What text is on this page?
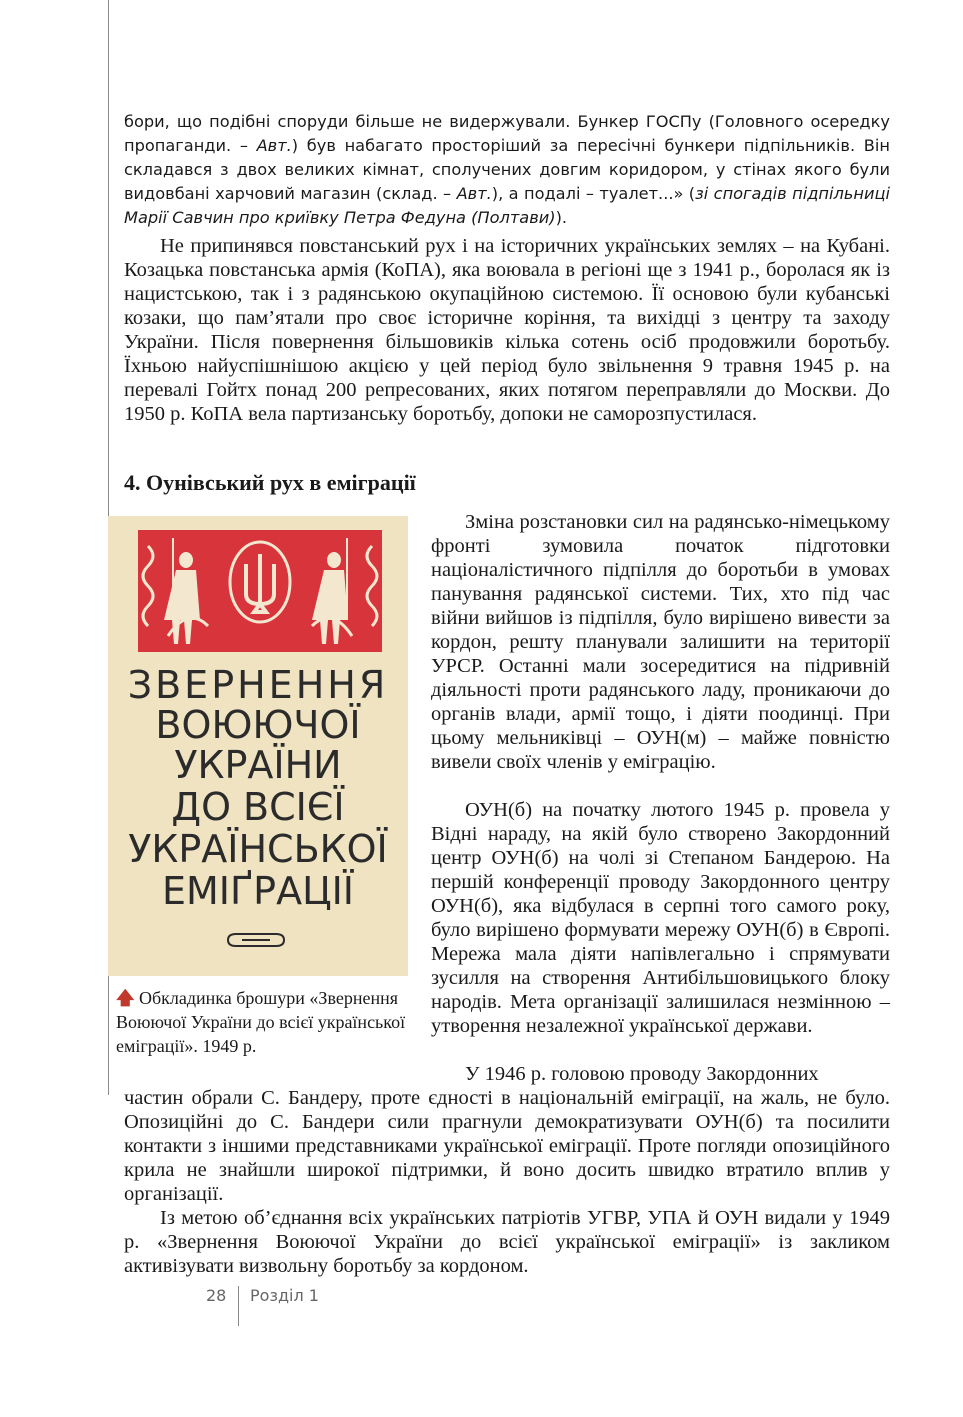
бори, що подібні споруди більше не видержували. Бункер ГОСПу (Головного осередку пропаганди. – Авт.) був набагато просторіший за пересічні бункери підпільників. Він складався з двох великих кімнат, сполучених довгим коридором, у стінах якого були видовбані харчовий магазин (склад. – Авт.), а подалі – туалет...» (зі спогадів підпільниці Марії Савчин про криївку Петра Федуна (Полтави)).

Не припинявся повстанський рух і на історичних українських землях – на Кубані. Козацька повстанська армія (КоПА), яка воювала в регіоні ще з 1941 р., боролася як із нацистською, так і з радянською окупаційною системою. Її основою були кубанські козаки, що пам’ятали про своє історичне коріння, та вихідці з центру та заходу України. Після повернення більшовиків кілька сотень осіб продовжили боротьбу. Їхньою найуспішнішою акцією у цей період було звільнення 9 травня 1945 р. на перевалі Гойтх понад 200 репресованих, яких потягом переправляли до Москви. До 1950 р. КоПА вела партизанську боротьбу, допоки не саморозпустилася.

4. Оунівський рух в еміграції
ЗВЕРНЕННЯ
ВОЮЮЧОЇ
УКРАЇНИ
ДО ВСІЄЇ
УКРАЇНСЬКОЇ
ЕМІҐРАЦІЇ

🡅 Обкладинка брошури «Звернення Воюючої України до всієї української еміграції». 1949 р.

Зміна розстановки сил на радянсько-німецькому фронті зумовила початок підготовки націоналістичного підпілля до боротьби в умовах панування радянської системи. Тих, хто під час війни вийшов із підпілля, було вирішено вивести за кордон, решту планували залишити на території УРСР. Останні мали зосередитися на підривній діяльності проти радянського ладу, проникаючи до органів влади, армії тощо, і діяти поодинці. При цьому мельниківці – ОУН(м) – майже повністю вивели своїх членів у еміграцію.

ОУН(б) на початку лютого 1945 р. провела у Відні нараду, на якій було створено Закордонний центр ОУН(б) на чолі зі Степаном Бандерою. На першій конференції проводу Закордонного центру ОУН(б), яка відбулася в серпні того самого року, було вирішено формувати мережу ОУН(б) в Європі. Мережа мала діяти напівлегально і спрямувати зусилля на створення Антибільшовицького блоку народів. Мета організації залишилася незмінною – утворення незалежної української держави.

У 1946 р. головою проводу Закордонних

частин обрали С. Бандеру, проте єдності в національній еміграції, на жаль, не було. Опозиційні до С. Бандери сили прагнули демократизувати ОУН(б) та посилити контакти з іншими представниками української еміграції. Проте погляди опозиційного крила не знайшли широкої підтримки, й воно досить швидко втратило вплив у організації.

Із метою об’єднання всіх українських патріотів УГВР, УПА й ОУН видали у 1949 р. «Звернення Воюючої України до всієї української еміграції» із закликом активізувати визвольну боротьбу за кордоном.

28 Розділ 1
